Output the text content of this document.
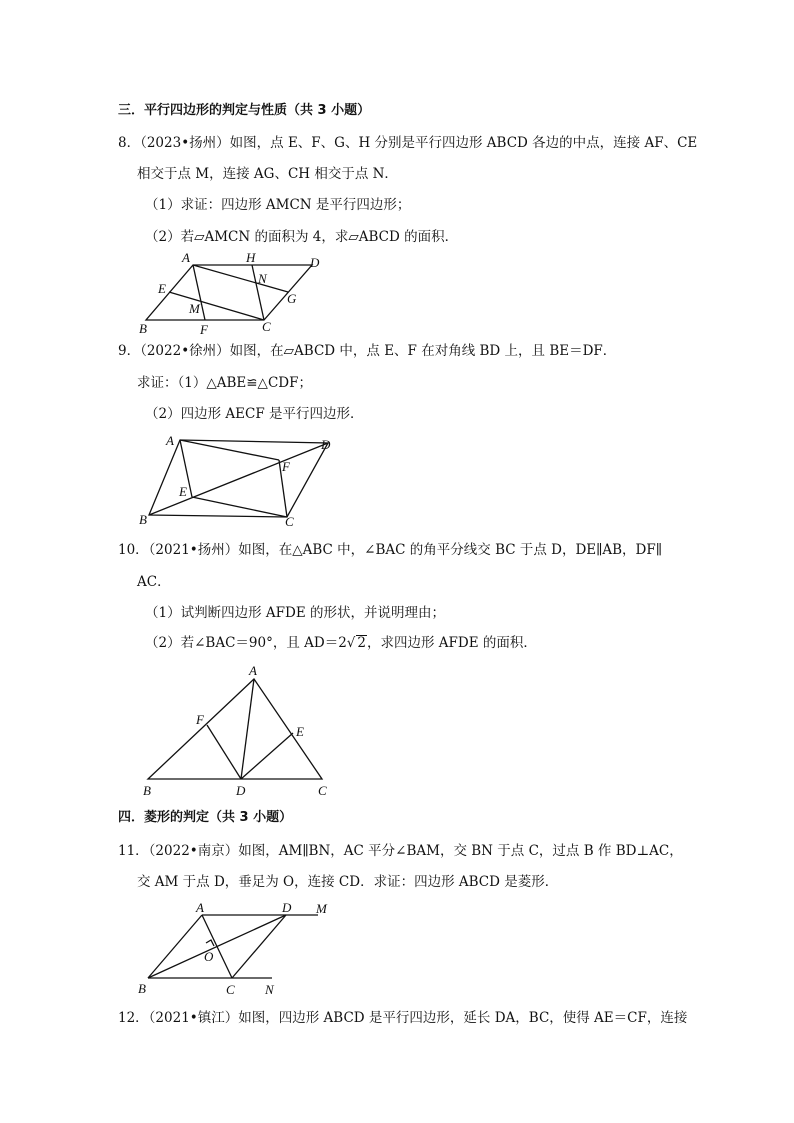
三．平行四边形的判定与性质（共 3 小题）
8．（2023•扬州）如图，点 E、F、G、H 分别是平行四边形 ABCD 各边的中点，连接 AF、CE
相交于点 M，连接 AG、CH 相交于点 N．
（1）求证：四边形 AMCN 是平行四边形；
（2）若▱AMCN 的面积为 4，求▱ABCD 的面积．
A	H	D
N
G
E
M
B	F	C
9．（2022•徐州）如图，在▱ABCD 中，点 E、F 在对角线 BD 上，且 BE＝DF．
求证：（1）△ABE≌△CDF；
（2）四边形 AECF 是平行四边形．
A	D
F
E
B	C
10．（2021•扬州）如图，在△ABC 中，∠BAC 的角平分线交 BC 于点 D，DE∥AB，DF∥
AC．
（1）试判断四边形 AFDE 的形状，并说明理由；
（2）若∠BAC＝90°，且 AD＝2√ 2，求四边形 AFDE 的面积．
A
F
E
B	D	C
四．菱形的判定（共 3 小题）
11．（2022•南京）如图，AM∥BN，AC 平分∠BAM，交 BN 于点 C，过点 B 作 BD⊥AC，
交 AM 于点 D，垂足为 O，连接 CD．求证：四边形 ABCD 是菱形．
A	D M
O
B	C N
12．（2021•镇江）如图，四边形 ABCD 是平行四边形，延长 DA，BC，使得 AE＝CF，连接
